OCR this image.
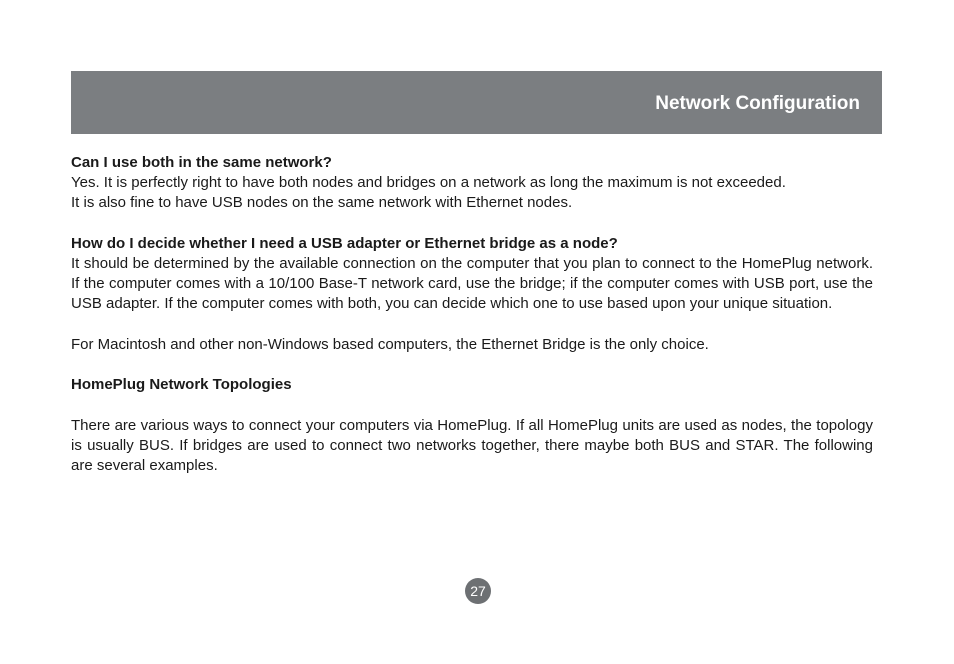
Network Configuration

Can I use both in the same network?

Yes. It is perfectly right to have both nodes and bridges on a network as long the maximum is not exceeded.

It is also fine to have USB nodes on the same network with Ethernet nodes.

How do I decide whether I need a USB adapter or Ethernet bridge as a node?

It should be determined by the available connection on the computer that you plan to connect to the HomePlug network. If the computer comes with a 10/100 Base-T network card, use the bridge; if the computer comes with USB port, use the USB adapter. If the computer comes with both, you can decide which one to use based upon your unique situation.

For Macintosh and other non-Windows based computers, the Ethernet Bridge is the only choice.

HomePlug Network Topologies

There are various ways to connect your computers via HomePlug. If all HomePlug units are used as nodes, the topology is usually BUS. If bridges are used to connect two networks together, there maybe both BUS and STAR. The following are several examples.

27
